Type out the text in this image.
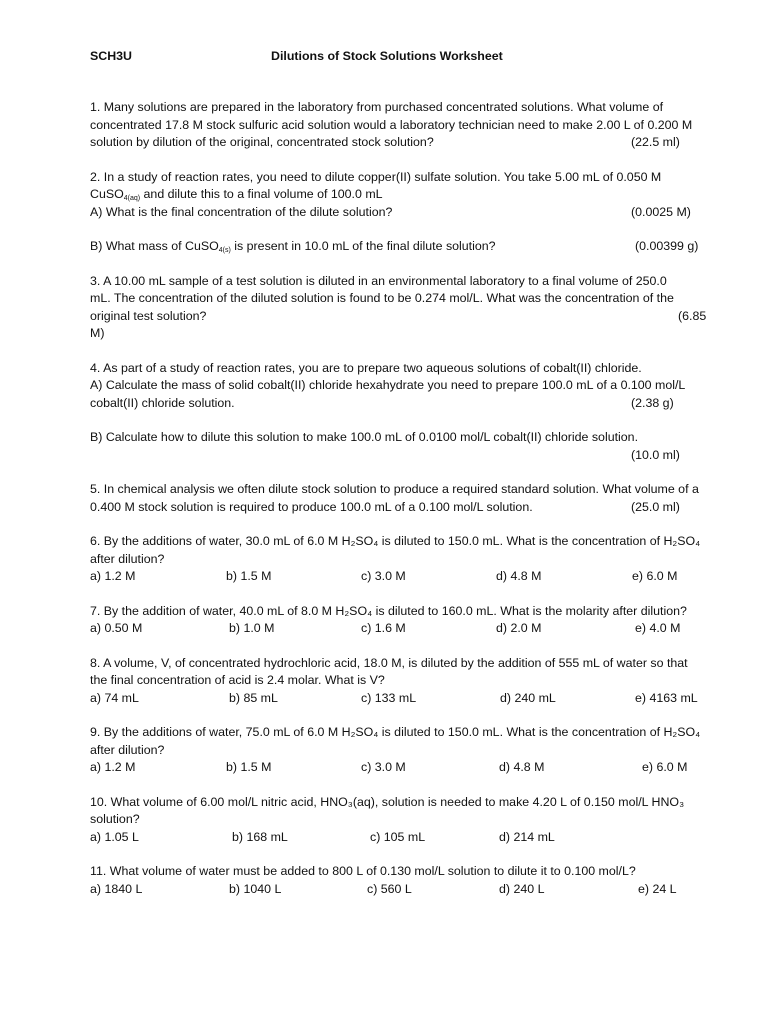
SCH3U	Dilutions of Stock Solutions Worksheet
1. Many solutions are prepared in the laboratory from purchased concentrated solutions. What volume of
concentrated 17.8 M stock sulfuric acid solution would a laboratory technician need to make 2.00 L of 0.200 M
solution by dilution of the original, concentrated stock solution?	(22.5 ml)
2. In a study of reaction rates, you need to dilute copper(II) sulfate solution. You take 5.00 mL of 0.050 M
CuSO$_{4(aq)}$ and dilute this to a final volume of 100.0 mL
A) What is the final concentration of the dilute solution?	(0.0025 M)
B) What mass of CuSO$_{4(s)}$ is present in 10.0 mL of the final dilute solution?	(0.00399 g)
3. A 10.00 mL sample of a test solution is diluted in an environmental laboratory to a final volume of 250.0
mL. The concentration of the diluted solution is found to be 0.274 mol/L. What was the concentration of the
original test solution?	(6.85
M)
4. As part of a study of reaction rates, you are to prepare two aqueous solutions of cobalt(II) chloride.
A) Calculate the mass of solid cobalt(II) chloride hexahydrate you need to prepare 100.0 mL of a 0.100 mol/L
cobalt(II) chloride solution.	(2.38 g)
B) Calculate how to dilute this solution to make 100.0 mL of 0.0100 mol/L cobalt(II) chloride solution.
(10.0 ml)
5. In chemical analysis we often dilute stock solution to produce a required standard solution. What volume of a
0.400 M stock solution is required to produce 100.0 mL of a 0.100 mol/L solution.	(25.0 ml)
6. By the additions of water, 30.0 mL of 6.0 M H₂SO₄ is diluted to 150.0 mL. What is the concentration of H₂SO₄
after dilution?
a) 1.2 M	b) 1.5 M	c) 3.0 M	d) 4.8 M	e) 6.0 M
7. By the addition of water, 40.0 mL of 8.0 M H₂SO₄ is diluted to 160.0 mL. What is the molarity after dilution?
a) 0.50 M	b) 1.0 M	c) 1.6 M	d) 2.0 M	e) 4.0 M
8. A volume, V, of concentrated hydrochloric acid, 18.0 M, is diluted by the addition of 555 mL of water so that
the final concentration of acid is 2.4 molar. What is V?
a) 74 mL	b) 85 mL	c) 133 mL	d) 240 mL	e) 4163 mL
9. By the additions of water, 75.0 mL of 6.0 M H₂SO₄ is diluted to 150.0 mL. What is the concentration of H₂SO₄
after dilution?
a) 1.2 M	b) 1.5 M	c) 3.0 M	d) 4.8 M	e) 6.0 M
10. What volume of 6.00 mol/L nitric acid, HNO₃(aq), solution is needed to make 4.20 L of 0.150 mol/L HNO₃
solution?
a) 1.05 L	b) 168 mL	c) 105 mL	d) 214 mL
11. What volume of water must be added to 800 L of 0.130 mol/L solution to dilute it to 0.100 mol/L?
a) 1840 L	b) 1040 L	c) 560 L	d) 240 L	e) 24 L
